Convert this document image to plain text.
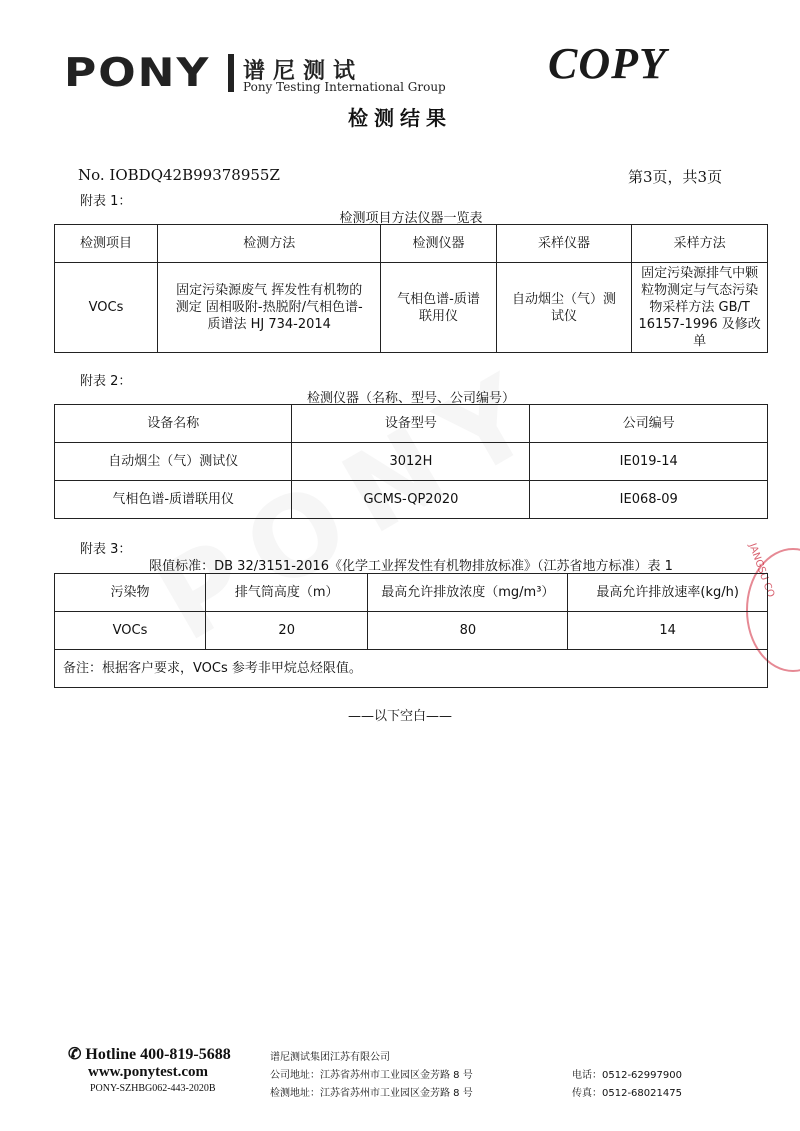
JANGSU CO
PONY 谱尼测试
Pony Testing International Group COPY
检测结果
No. IOBDQ42B99378955Z	第3页，共3页
附表 1：
检测项目方法仪器一览表
检测项目	检测方法	检测仪器	采样仪器	采样方法
VOCs	固定污染源废气 挥发性有机物的测定 固相吸附-热脱附/气相色谱-质谱法 HJ 734-2014	气相色谱-质谱联用仪	自动烟尘（气）测试仪	固定污染源排气中颗粒物测定与气态污染物采样方法 GB/T 16157-1996 及修改单
附表 2：
检测仪器（名称、型号、公司编号）
设备名称	设备型号	公司编号
自动烟尘（气）测试仪	3012H	IE019-14
气相色谱-质谱联用仪	GCMS-QP2020	IE068-09
附表 3：
限值标准：DB 32/3151-2016《化学工业挥发性有机物排放标准》（江苏省地方标准）表 1
污染物	排气筒高度（m）	最高允许排放浓度（mg/m³）	最高允许排放速率(kg/h)
VOCs	20	80	14
备注：根据客户要求，VOCs 参考非甲烷总烃限值。			
——以下空白——
✆ Hotline 400-819-5688
www.ponytest.com
PONY-SZHBG062-443-2020B
谱尼测试集团江苏有限公司
公司地址：江苏省苏州市工业园区金芳路 8 号
检测地址：江苏省苏州市工业园区金芳路 8 号
电话：0512-62997900
传真：0512-68021475
